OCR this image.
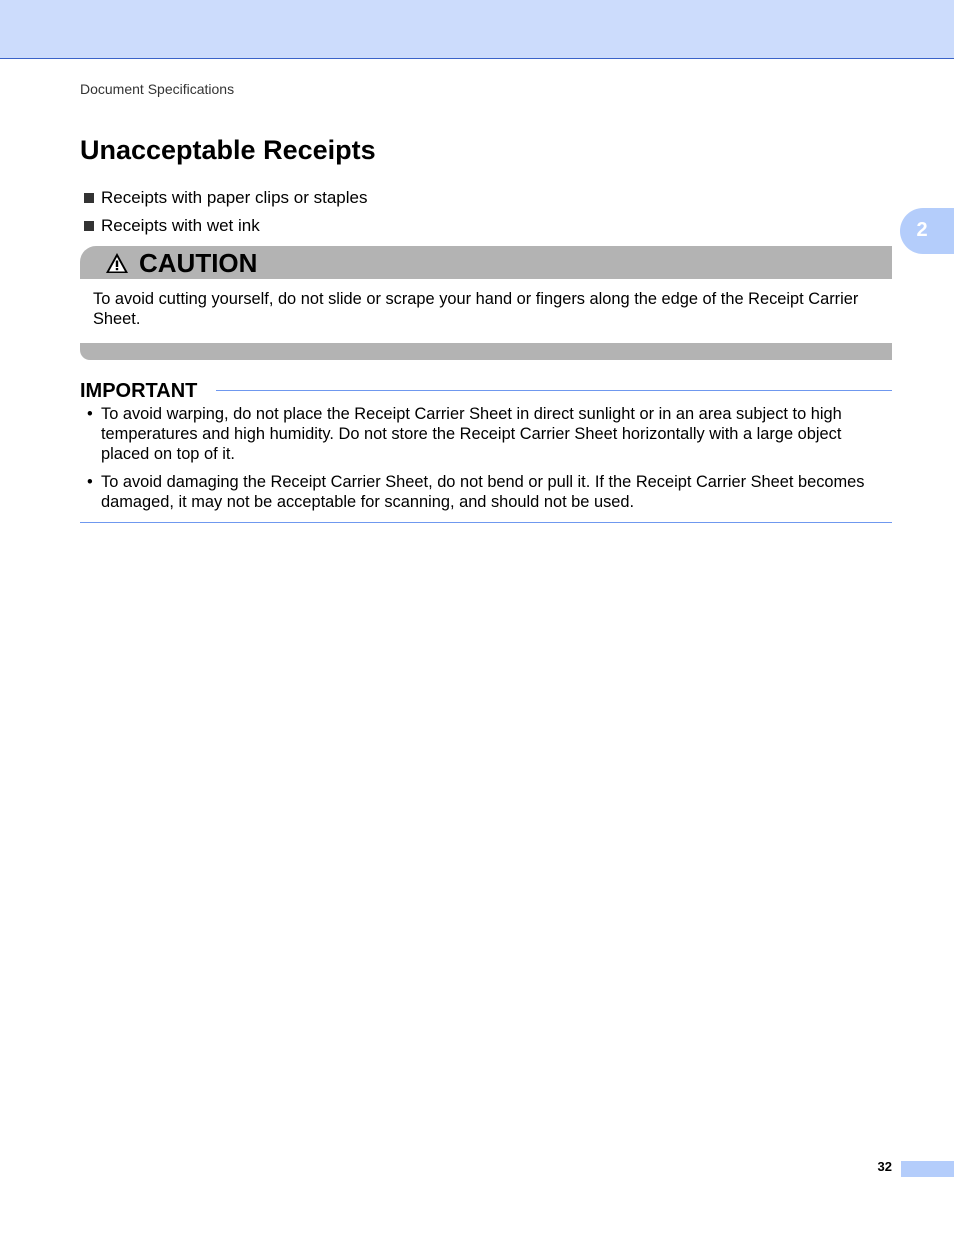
Document Specifications
2
Unacceptable Receipts
Receipts with paper clips or staples
Receipts with wet ink
CAUTION

To avoid cutting yourself, do not slide or scrape your hand or fingers along the edge of the Receipt Carrier Sheet.

IMPORTANT
• To avoid warping, do not place the Receipt Carrier Sheet in direct sunlight or in an area subject to high temperatures and high humidity. Do not store the Receipt Carrier Sheet horizontally with a large object placed on top of it.
• To avoid damaging the Receipt Carrier Sheet, do not bend or pull it. If the Receipt Carrier Sheet becomes damaged, it may not be acceptable for scanning, and should not be used.
32
